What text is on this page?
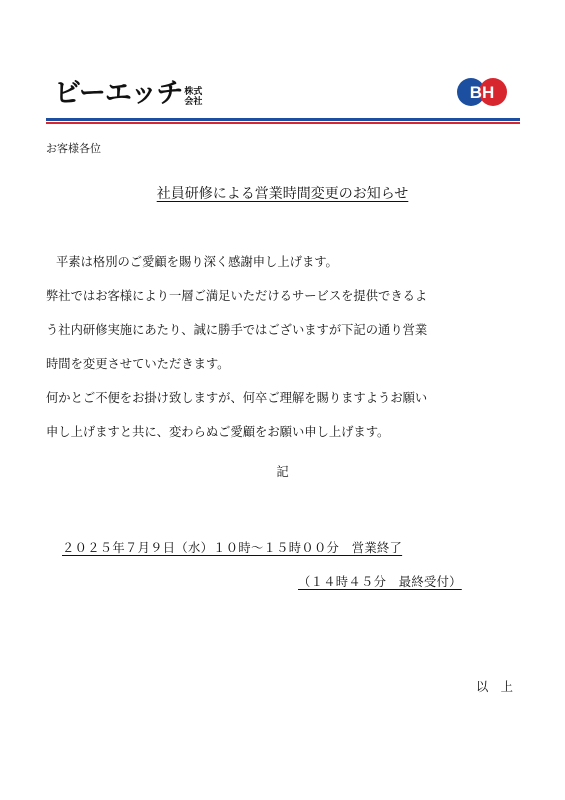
ビーエッチ 株式
会社	BH
お客様各位
社員研修による営業時間変更のお知らせ

平素は格別のご愛顧を賜り深く感謝申し上げます。

弊社ではお客様により一層ご満足いただけるサービスを提供できるよ

う社内研修実施にあたり、誠に勝手ではございますが下記の通り営業

時間を変更させていただきます。

何かとご不便をお掛け致しますが、何卒ご理解を賜りますようお願い

申し上げますと共に、変わらぬご愛顧をお願い申し上げます。

記
２０２５年７月９日（水）１０時～１５時００分　営業終了
（１４時４５分　最終受付）
以　上
